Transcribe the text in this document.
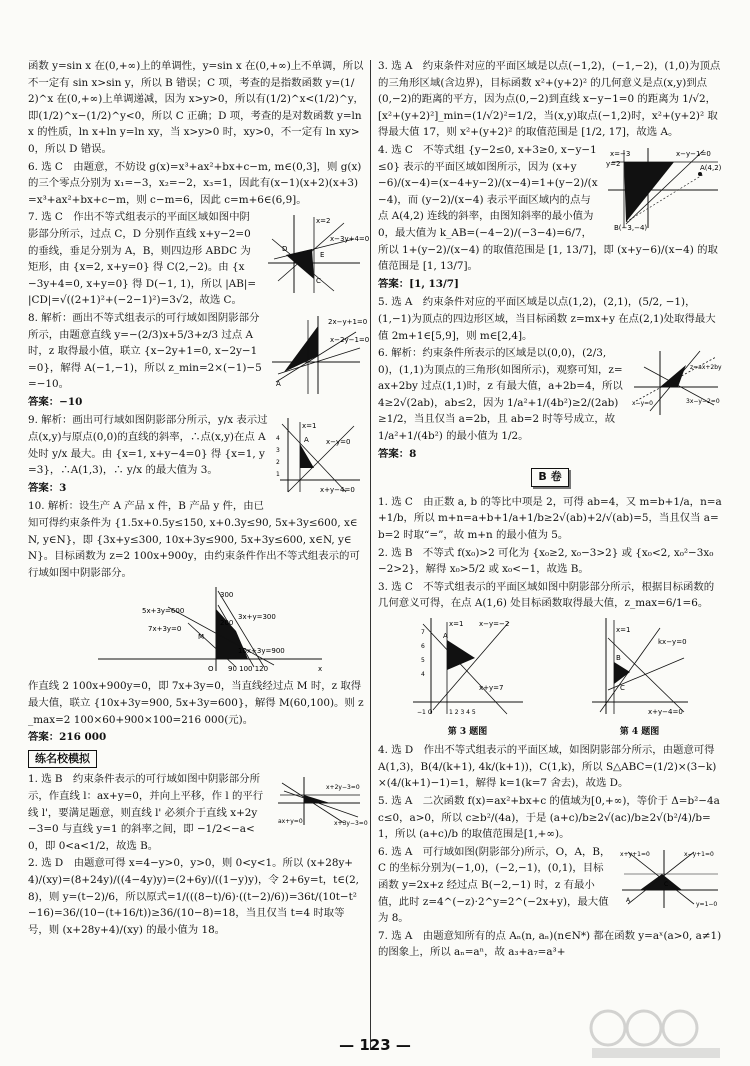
函数 y=sin x 在(0,+∞)上的单调性，y=sin x 在(0,+∞)上不单调，所以不一定有 sin x>sin y，所以 B 错误；C 项，考查的是指数函数 y=(1/2)^x 在(0,+∞)上单调递减，因为 x>y>0，所以有(1/2)^x<(1/2)^y，即(1/2)^x−(1/2)^y<0，所以 C 正确；D 项，考查的是对数函数 y=ln x 的性质，ln x+ln y=ln xy，当 x>y>0 时，xy>0，不一定有 ln xy>0，所以 D 错误。

6. 选 C　由题意，不妨设 g(x)=x³+ax²+bx+c−m, m∈(0,3]，则 g(x) 的三个零点分别为 x₁=−3，x₂=−2，x₃=1，因此有(x−1)(x+2)(x+3)=x³+ax²+bx+c−m，则 c−m=6，因此 c=m+6∈(6,9]。

x=2
x−3y+4=0
D
C
E

7. 选 C　作出不等式组表示的平面区域如图中阴影部分所示，过点 C，D 分别作直线 x+y−2=0 的垂线，垂足分别为 A，B，则四边形 ABDC 为矩形，由 {x=2, x+y=0} 得 C(2,−2)。由 {x−3y+4=0, x+y=0} 得 D(−1, 1)，所以 |AB|=|CD|=√((2+1)²+(−2−1)²)=3√2，故选 C。

2x−y+1=0
x−2y−1=0
A

8. 解析：画出不等式组表示的可行域如图阴影部分所示，由题意直线 y=−(2/3)x+5/3+z/3 过点 A 时，z 取得最小值，联立 {x−2y+1=0, x−2y−1=0}，解得 A(−1,−1)，所以 z_min=2×(−1)−5=−10。

答案：−10

x=1
x−y=0
A
x+y−4=0
4
3
2
1

9. 解析：画出可行域如图阴影部分所示，y/x 表示过点(x,y)与原点(0,0)的直线的斜率，∴点(x,y)在点 A 处时 y/x 最大。由 {x=1, x+y−4=0} 得 {x=1, y=3}，∴A(1,3)，∴ y/x 的最大值为 3。

答案：3

10. 解析：设生产 A 产品 x 件，B 产品 y 件，由已知可得约束条件为 {1.5x+0.5y≤150, x+0.3y≤90, 5x+3y≤600, x∈N, y∈N}，即 {3x+y≤300, 10x+3y≤900, 5x+3y≤600, x∈N, y∈N}。目标函数为 z=2 100x+900y，由约束条件作出不等式组表示的可行域如图中阴影部分。

300
200
M
5x+3y=600
7x+3y=0
3x+y=300
90 100 120
O	x
10x+3y=900

作直线 2 100x+900y=0，即 7x+3y=0，当直线经过点 M 时，z 取得最大值，联立 {10x+3y=900, 5x+3y=600}，解得 M(60,100)。则 z_max=2 100×60+900×100=216 000(元)。

答案：216 000

练名校模拟
x+2y−3=0
x+3y−3=0
ax+y=0

1. 选 B　约束条件表示的可行域如图中阴影部分所示，作直线 l：ax+y=0，并向上平移，作 l 的平行线 l'，要满足题意，则直线 l' 必须介于直线 x+2y−3=0 与直线 y=1 的斜率之间，即 −1/2<−a<0，即 0<a<1/2，故选 B。

2. 选 D　由题意可得 x=4−y>0，y>0，则 0<y<1。所以 (x+28y+4)/(xy)=(8+24y)/((4−4y)y)=(2+6y)/((1−y)y)，令 2+6y=t，t∈(2,8)，则 y=(t−2)/6，所以原式=1/(((8−t)/6)·((t−2)/6))=36t/(10t−t²−16)=36/(10−(t+16/t))≥36/(10−8)=18，当且仅当 t=4 时取等号，则 (x+28y+4)/(xy) 的最小值为 18。

3. 选 A　约束条件对应的平面区域是以点(−1,2)，(−1,−2)，(1,0)为顶点的三角形区域(含边界)，目标函数 x²+(y+2)² 的几何意义是点(x,y)到点(0,−2)的距离的平方，因为点(0,−2)到直线 x−y−1=0 的距离为 1/√2，[x²+(y+2)²]_min=(1/√2)²=1/2，当(x,y)取点(−1,2)时，x²+(y+2)² 取得最大值 17，则 x²+(y+2)² 的取值范围是 [1/2, 17]，故选 A。

x=−3	x−y−1=0
A(4,2)
B(−3,−4)
y=2

4. 选 C　不等式组 {y−2≤0, x+3≥0, x−y−1≤0} 表示的平面区域如图所示，因为 (x+y−6)/(x−4)=(x−4+y−2)/(x−4)=1+(y−2)/(x−4)，而 (y−2)/(x−4) 表示平面区域内的点与点 A(4,2) 连线的斜率，由图知斜率的最小值为 0，最大值为 k_AB=(−4−2)/(−3−4)=6/7，所以 1+(y−2)/(x−4) 的取值范围是 [1, 13/7]，即 (x+y−6)/(x−4) 的取值范围是 [1, 13/7]。

答案：[1, 13/7]

5. 选 A　约束条件对应的平面区域是以点(1,2)，(2,1)，(5/2, −1)，(1,−1)为顶点的四边形区域，当目标函数 z=mx+y 在点(2,1)处取得最大值 2m+1∈[5,9]，则 m∈[2,4]。

z=ax+2by
3x−y−2=0
x−y=0

6. 解析：约束条件所表示的区域是以(0,0)，(2/3, 0)，(1,1)为顶点的三角形(如图所示)，观察可知，z=ax+2by 过点(1,1)时，z 有最大值，a+2b=4，所以 4≥2√(2ab)，ab≤2，因为 1/a²+1/(4b²)≥2/(2ab)≥1/2，当且仅当 a=2b，且 ab=2 时等号成立，故 1/a²+1/(4b²) 的最小值为 1/2。

答案：8

B 卷

1. 选 C　由正数 a, b 的等比中项是 2，可得 ab=4，又 m=b+1/a，n=a+1/b，所以 m+n=a+b+1/a+1/b≥2√(ab)+2/√(ab)=5，当且仅当 a=b=2 时取“=”，故 m+n 的最小值为 5。

2. 选 B　不等式 f(x₀)>2 可化为 {x₀≥2, x₀−3>2} 或 {x₀<2, x₀²−3x₀−2>2}，解得 x₀>5/2 或 x₀<−1，故选 B。

3. 选 C　不等式组表示的平面区域如图中阴影部分所示，根据目标函数的几何意义可得，在点 A(1,6) 处目标函数取得最大值，z_max=6/1=6。

x=1 x−y=−2
A
x+y=7
−1 O	1 2 3 4 5
7
6
5
4
第 3 题图
x=1
kx−y=0
B
C
x+y−4=0
第 4 题图

4. 选 D　作出不等式组表示的平面区域，如图阴影部分所示，由题意可得 A(1,3)，B(4/(k+1), 4k/(k+1))，C(1,k)，所以 S△ABC=(1/2)×(3−k)×(4/(k+1)−1)=1，解得 k=1(k=7 舍去)，故选 D。

5. 选 A　二次函数 f(x)=ax²+bx+c 的值域为[0,+∞)，等价于 Δ=b²−4ac≤0，a>0，所以 c≥b²/(4a)，于是 (a+c)/b≥2√(ac)/b≥2√(b²/4)/b=1，所以 (a+c)/b 的取值范围是[1,+∞)。

x+y+1=0	x−y+1=0
y=1−0
C
A

6. 选 A　可行域如图(阴影部分)所示，O，A，B，C 的坐标分别为(−1,0)，(−2,−1)，(0,1)，目标函数 y=2x+z 经过点 B(−2,−1) 时，z 有最小值，此时 z=4^(−z)·2^y=2^(−2x+y)，最大值为 8。

7. 选 A　由题意知所有的点 Aₙ(n, aₙ)(n∈N*) 都在函数 y=aˣ(a>0, a≠1) 的图象上，所以 aₙ=aⁿ，故 a₃+a₇=a³+

— 123 —
